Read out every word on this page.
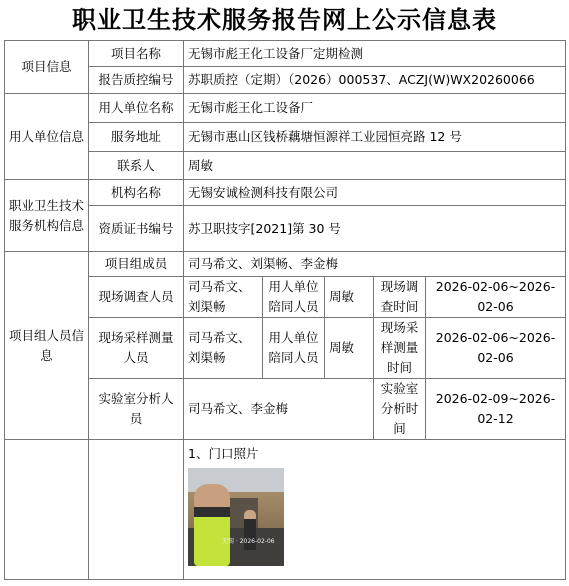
职业卫生技术服务报告网上公示信息表
项目信息	项目名称	无锡市彪王化工设备厂定期检测				
	报告质控编号	苏职质控（定期）（2026）000537、ACZJ(W)WX20260066				
用人单位信息	用人单位名称	无锡市彪王化工设备厂				
	服务地址	无锡市惠山区钱桥藕塘恒源祥工业园恒亮路 12 号				
	联系人	周敏				
职业卫生技术服务机构信息	机构名称	无锡安诚检测科技有限公司				
	资质证书编号	苏卫职技字[2021]第 30 号				
项目组人员信息	项目组成员	司马希文、刘渠畅、李金梅				
	现场调查人员	司马希文、刘渠畅	用人单位陪同人员	周敏	现场调查时间	2026-02-06~2026-02-06
	现场采样测量人员	司马希文、刘渠畅	用人单位陪同人员	周敏	现场采样测量时间	2026-02-06~2026-02-06
	实验室分析人员	司马希文、李金梅			实验室分析时间	2026-02-09~2026-02-12

		1、门口照片
无锡 · 2026-02-06				
